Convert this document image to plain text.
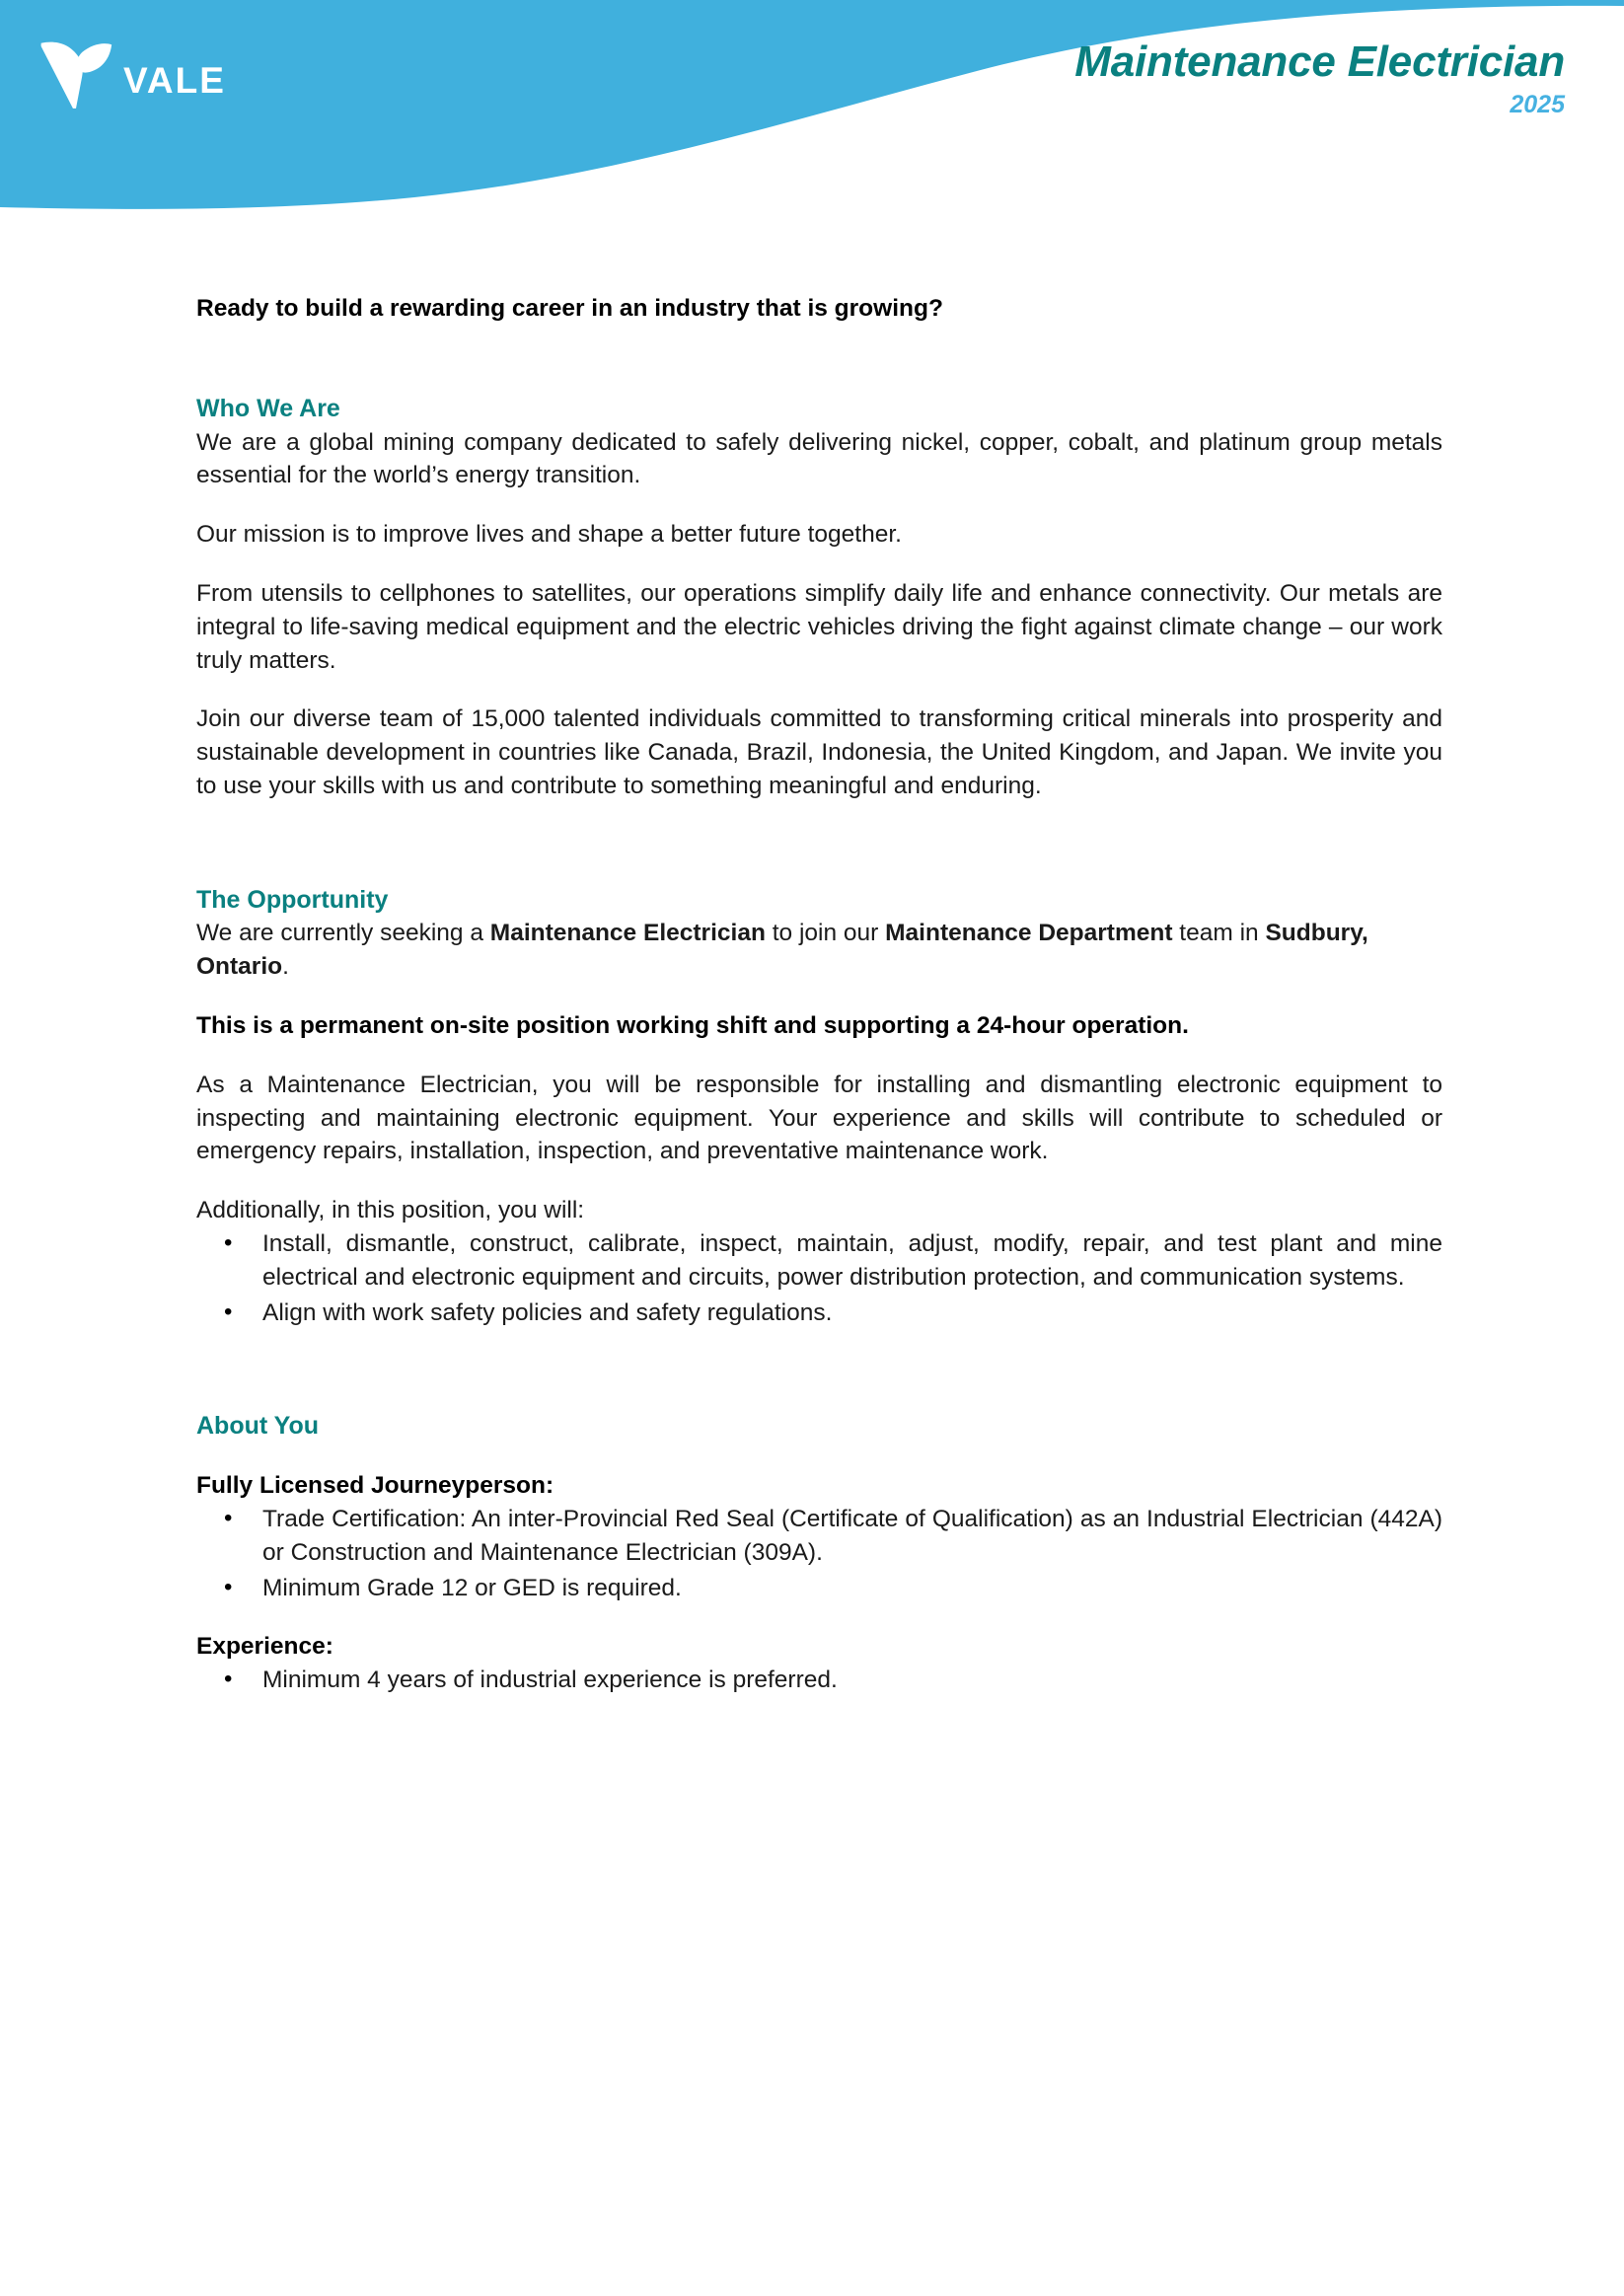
VALE	Maintenance Electrician
2025

Ready to build a rewarding career in an industry that is growing?

Who We Are

We are a global mining company dedicated to safely delivering nickel, copper, cobalt, and platinum group metals essential for the world’s energy transition.

Our mission is to improve lives and shape a better future together.

From utensils to cellphones to satellites, our operations simplify daily life and enhance connectivity. Our metals are integral to life-saving medical equipment and the electric vehicles driving the fight against climate change – our work truly matters.

Join our diverse team of 15,000 talented individuals committed to transforming critical minerals into prosperity and sustainable development in countries like Canada, Brazil, Indonesia, the United Kingdom, and Japan. We invite you to use your skills with us and contribute to something meaningful and enduring.

The Opportunity

We are currently seeking a Maintenance Electrician to join our Maintenance Department team in Sudbury, Ontario.

This is a permanent on-site position working shift and supporting a 24-hour operation.

As a Maintenance Electrician, you will be responsible for installing and dismantling electronic equipment to inspecting and maintaining electronic equipment. Your experience and skills will contribute to scheduled or emergency repairs, installation, inspection, and preventative maintenance work.

Additionally, in this position, you will:

• Install, dismantle, construct, calibrate, inspect, maintain, adjust, modify, repair, and test plant and mine electrical and electronic equipment and circuits, power distribution protection, and communication systems.
• Align with work safety policies and safety regulations.
About You

Fully Licensed Journeyperson:

• Trade Certification: An inter-Provincial Red Seal (Certificate of Qualification) as an Industrial Electrician (442A) or Construction and Maintenance Electrician (309A).
• Minimum Grade 12 or GED is required.

Experience:

• Minimum 4 years of industrial experience is preferred.
